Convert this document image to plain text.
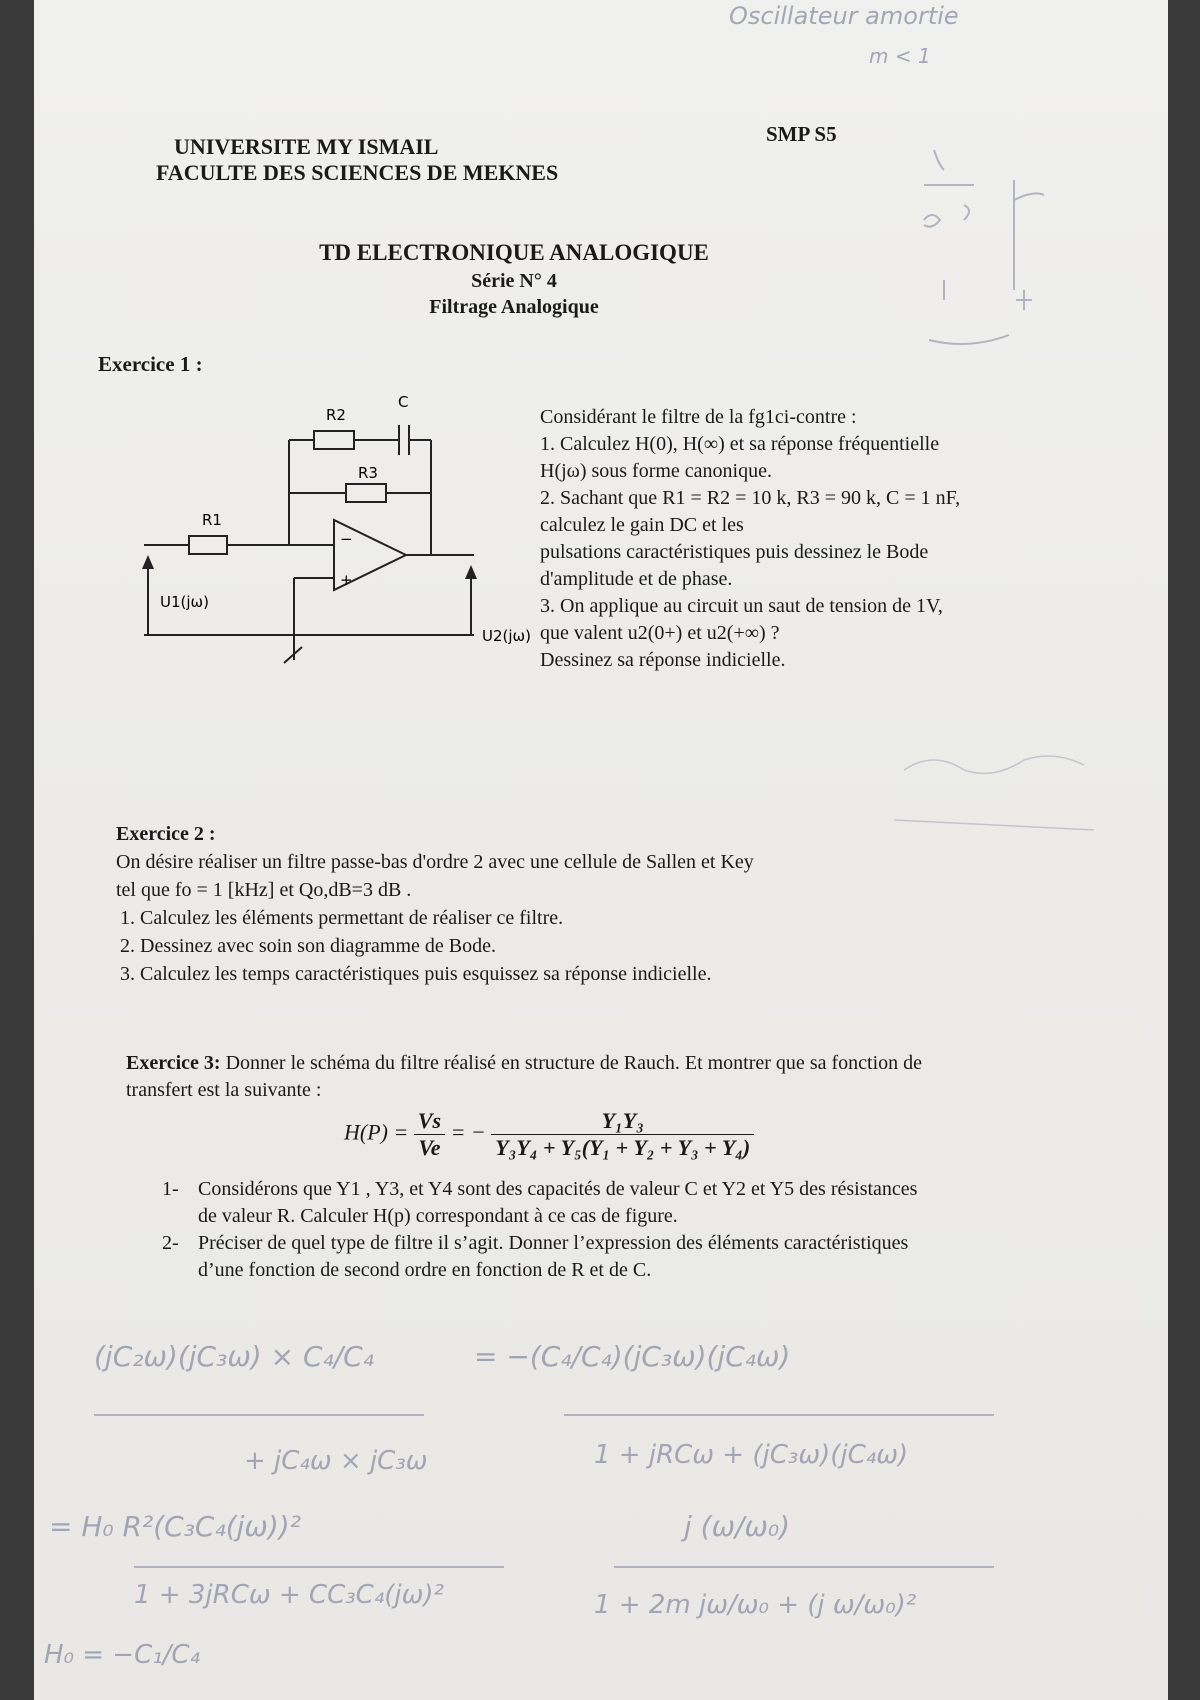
Oscillateur amortie
m < 1
UNIVERSITE MY ISMAIL
FACULTE DES SCIENCES DE MEKNES
SMP S5
TD ELECTRONIQUE ANALOGIQUE
Série N° 4
Filtrage Analogique
Exercice 1 :
R1
R2
R3
C
−
+
U1(jω)
U2(jω)
Considérant le filtre de la fg1ci-contre :
1. Calculez H(0), H(∞) et sa réponse fréquentielle
H(jω) sous forme canonique.
2. Sachant que R1 = R2 = 10 k, R3 = 90 k, C = 1 nF,
calculez le gain DC et les
pulsations caractéristiques puis dessinez le Bode
d'amplitude et de phase.
3. On applique au circuit un saut de tension de 1V,
que valent u2(0+) et u2(+∞) ?
Dessinez sa réponse indicielle.
Exercice 2 :
On désire réaliser un filtre passe-bas d'ordre 2 avec une cellule de Sallen et Key
tel que fo = 1 [kHz] et Qo,dB=3 dB .
1. Calculez les éléments permettant de réaliser ce filtre.
2. Dessinez avec soin son diagramme de Bode.
3. Calculez les temps caractéristiques puis esquissez sa réponse indicielle.
Exercice 3: Donner le schéma du filtre réalisé en structure de Rauch. Et montrer que sa fonction de
transfert est la suivante :
$H(P) = \frac{Vs}{Ve}$ = − $\frac{\text{Y₁Y₃}}{\text{Y₃Y₄ + Y₅(Y₁ + Y₂ + Y₃ + Y₄)}}$
1- Considérons que Y1 , Y3, et Y4 sont des capacités de valeur C et Y2 et Y5 des résistances
de valeur R. Calculer H(p) correspondant à ce cas de figure.
2- Préciser de quel type de filtre il s’agit. Donner l’expression des éléments caractéristiques
d’une fonction de second ordre en fonction de R et de C.
(jC₂ω)(jC₃ω) × C₄/C₄	= −(C₄/C₄)(jC₃ω)(jC₄ω)
+ jC₄ω × jC₃ω	1 + jRCω + (jC₃ω)(jC₄ω)
= H₀ R²(C₃C₄(jω))²	j (ω/ω₀)
1 + 3jRCω + CC₃C₄(jω)²	1 + 2m jω/ω₀ + (j ω/ω₀)²
H₀ = −C₁/C₄
